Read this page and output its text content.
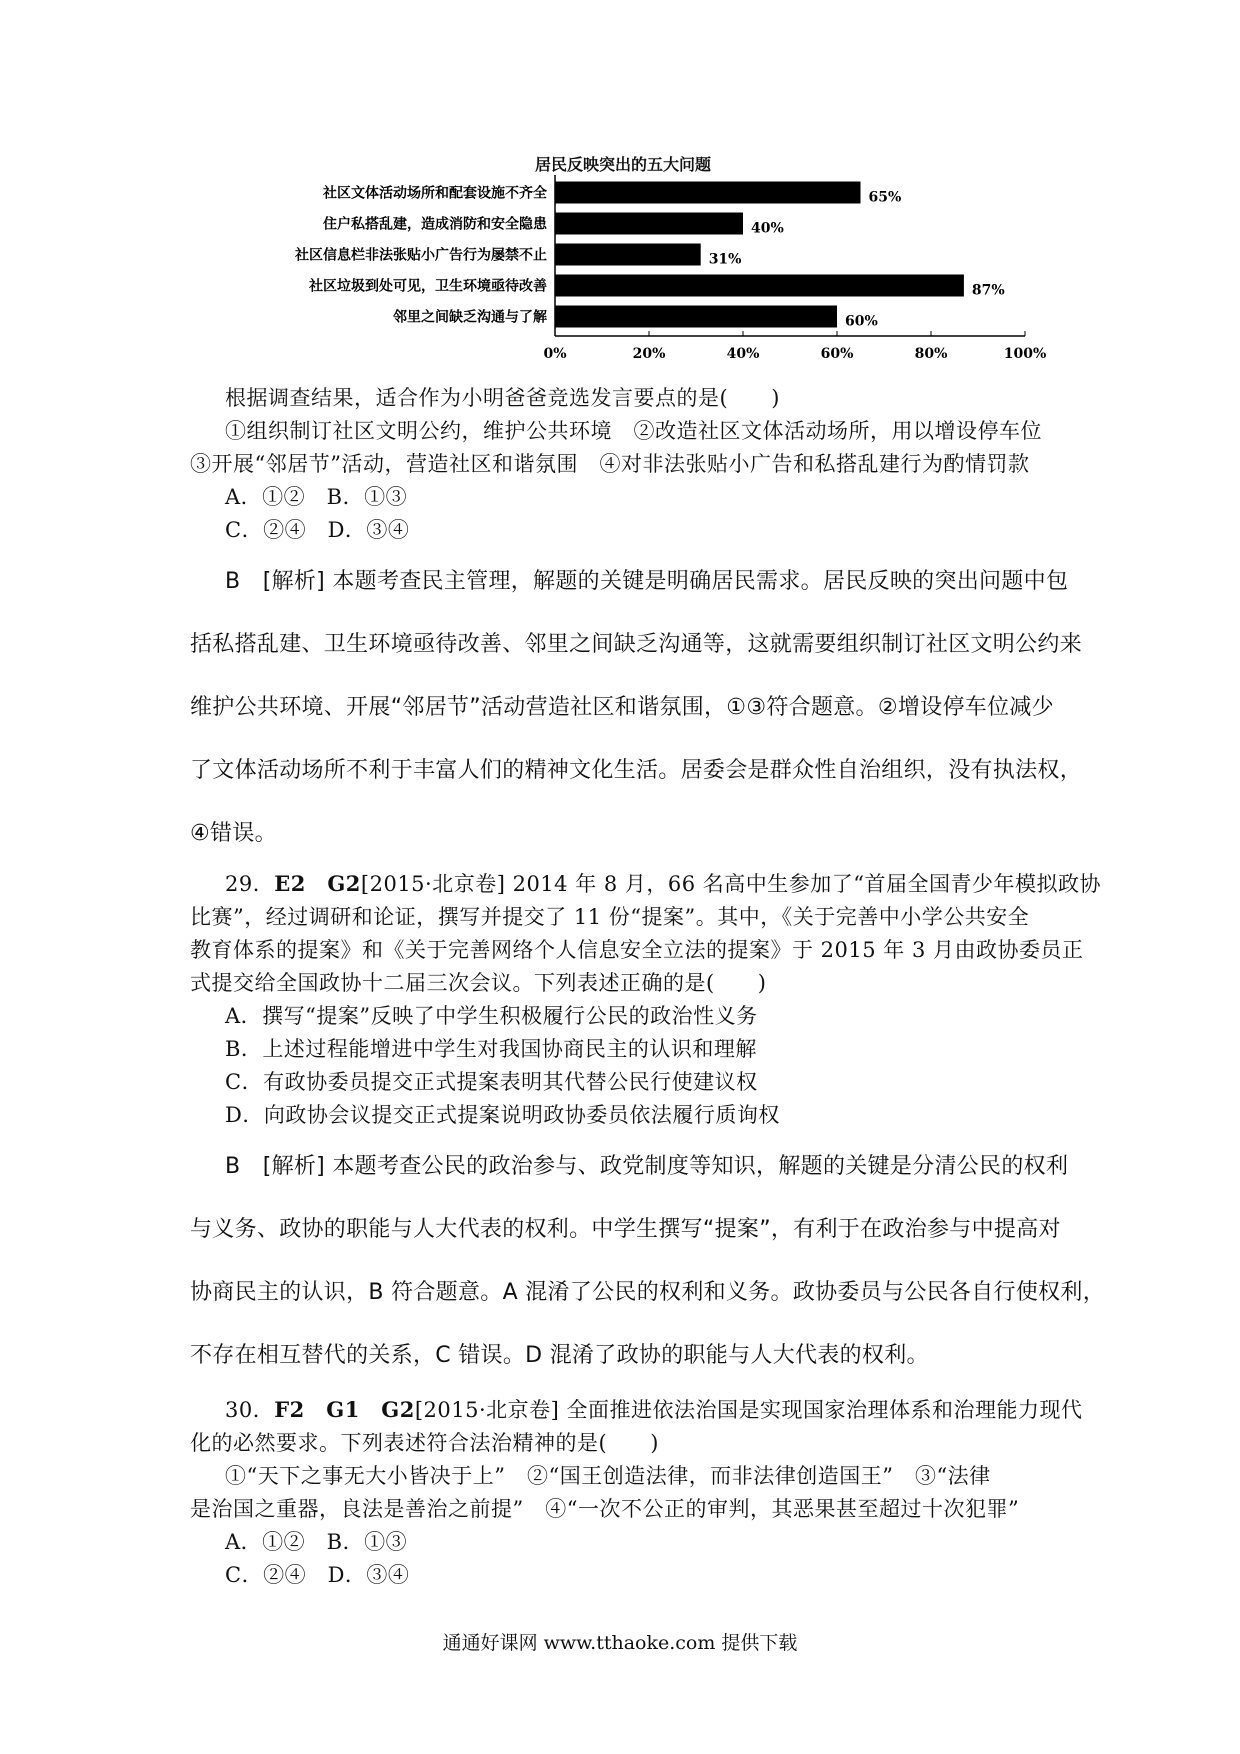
居民反映突出的五大问题
社区文体活动场所和配套设施不齐全	65%
住户私搭乱建，造成消防和安全隐患	40%
社区信息栏非法张贴小广告行为屡禁不止	31%
社区垃圾到处可见，卫生环境亟待改善	87%
邻里之间缺乏沟通与了解	60%
0%	20%	40%	60%	80%	100%
根据调查结果，适合作为小明爸爸竞选发言要点的是(　　)
①组织制订社区文明公约，维护公共环境　②改造社区文体活动场所，用以增设停车位
③开展“邻居节”活动，营造社区和谐氛围　④对非法张贴小广告和私搭乱建行为酌情罚款
A．①②　B．①③
C．②④　D．③④
B　[解析] 本题考查民主管理，解题的关键是明确居民需求。居民反映的突出问题中包
括私搭乱建、卫生环境亟待改善、邻里之间缺乏沟通等，这就需要组织制订社区文明公约来
维护公共环境、开展“邻居节”活动营造社区和谐氛围，①③符合题意。②增设停车位减少
了文体活动场所不利于丰富人们的精神文化生活。居委会是群众性自治组织，没有执法权，
④错误。
29．E2　G2[2015·北京卷] 2014 年 8 月，66 名高中生参加了“首届全国青少年模拟政协
比赛”，经过调研和论证，撰写并提交了 11 份“提案”。其中，《关于完善中小学公共安全
教育体系的提案》和《关于完善网络个人信息安全立法的提案》于 2015 年 3 月由政协委员正
式提交给全国政协十二届三次会议。下列表述正确的是(　　)
A．撰写“提案”反映了中学生积极履行公民的政治性义务
B．上述过程能增进中学生对我国协商民主的认识和理解
C．有政协委员提交正式提案表明其代替公民行使建议权
D．向政协会议提交正式提案说明政协委员依法履行质询权
B　[解析] 本题考查公民的政治参与、政党制度等知识，解题的关键是分清公民的权利
与义务、政协的职能与人大代表的权利。中学生撰写“提案”，有利于在政治参与中提高对
协商民主的认识，B 符合题意。A 混淆了公民的权利和义务。政协委员与公民各自行使权利，
不存在相互替代的关系，C 错误。D 混淆了政协的职能与人大代表的权利。
30．F2　G1　G2[2015·北京卷] 全面推进依法治国是实现国家治理体系和治理能力现代
化的必然要求。下列表述符合法治精神的是(　　)
①“天下之事无大小皆决于上”　②“国王创造法律，而非法律创造国王”　③“法律
是治国之重器，良法是善治之前提”　④“一次不公正的审判，其恶果甚至超过十次犯罪”
A．①②　B．①③
C．②④　D．③④
通通好课网 www.tthaoke.com 提供下载
